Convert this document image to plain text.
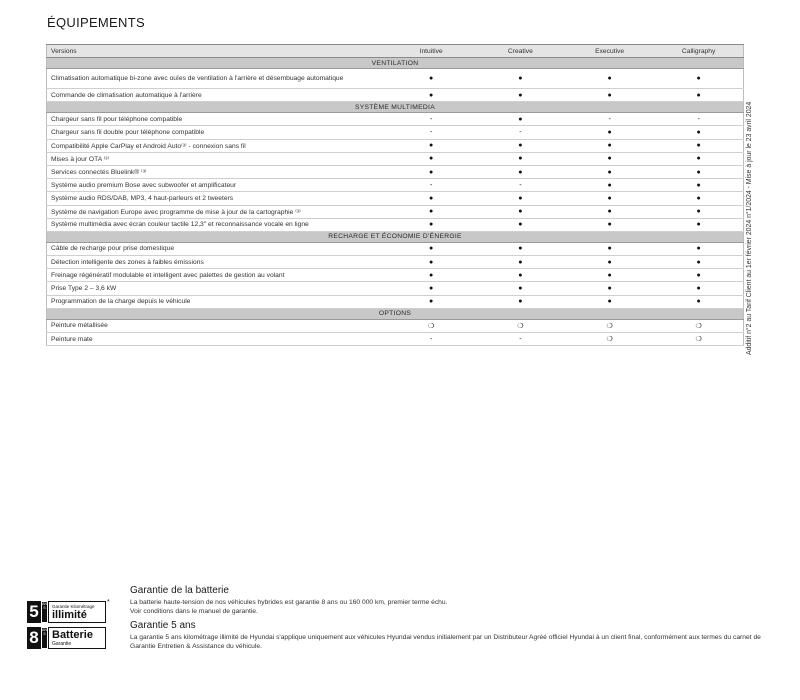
ÉQUIPEMENTS
Versions	Intuitive	Creative	Executive	Calligraphy
VENTILATION				
Climatisation automatique bi-zone avec ouïes de ventilation à l'arrière et désembuage automatique	●	●	●	●
Commande de climatisation automatique à l'arrière	●	●	●	●
SYSTÈME MULTIMEDIA				
Chargeur sans fil pour téléphone compatible	-	●	-	-
Chargeur sans fil double pour téléphone compatible	-	-	●	●
Compatibilité Apple CarPlay et Android Auto⁽³⁾ - connexion sans fil	●	●	●	●
Mises à jour OTA ⁽³⁾	●	●	●	●
Services connectés Bluelink® ⁽³⁾	●	●	●	●
Système audio premium Bose avec subwoofer et amplificateur	-	-	●	●
Système audio RDS/DAB, MP3, 4 haut-parleurs et 2 tweeters	●	●	●	●
Système de navigation Europe avec programme de mise à jour de la cartographie ⁽³⁾	●	●	●	●
Système multimédia avec écran couleur tactile 12,3" et reconnaissance vocale en ligne	●	●	●	●
RECHARGE ET ÉCONOMIE D'ÉNERGIE				
Câble de recharge pour prise domestique	●	●	●	●
Détection intelligente des zones à faibles émissions	●	●	●	●
Freinage régénératif modulable et intelligent avec palettes de gestion au volant	●	●	●	●
Prise Type 2 – 3,6 kW	●	●	●	●
Programmation de la charge depuis le véhicule	●	●	●	●
OPTIONS				
Peinture métallisée	❍	❍	❍	❍
Peinture mate	-	-	❍	❍	Additif n°2 au Tarif Client au 1er février 2024 n°1/2024 - Mise à jour le 23 avril 2024
5 ANS Garantie Kilométrage
illimité
*
8 ANS Batterie
Garantie

Garantie de la batterie

La batterie haute-tension de nos véhicules hybrides est garantie 8 ans ou 160 000 km, premier terme échu.
Voir conditions dans le manuel de garantie.

Garantie 5 ans

La garantie 5 ans kilométrage illimité de Hyundai s'applique uniquement aux véhicules Hyundai vendus initialement par un Distributeur Agréé officiel Hyundai à un client final, conformément aux termes du carnet de Garantie Entretien & Assistance du véhicule.
